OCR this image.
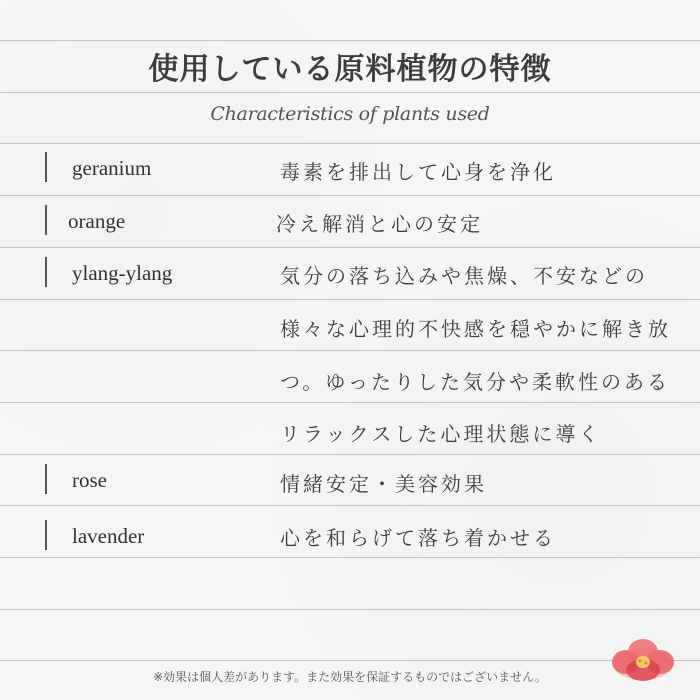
使用している原料植物の特徴
Characteristics of plants used
geranium	毒素を排出して心身を浄化
orange	冷え解消と心の安定
ylang-ylang	気分の落ち込みや焦燥、不安などの
様々な心理的不快感を穏やかに解き放
つ。ゆったりした気分や柔軟性のある
リラックスした心理状態に導く
rose	情緒安定・美容効果
lavender	心を和らげて落ち着かせる
※効果は個人差があります。また効果を保証するものではございません。
